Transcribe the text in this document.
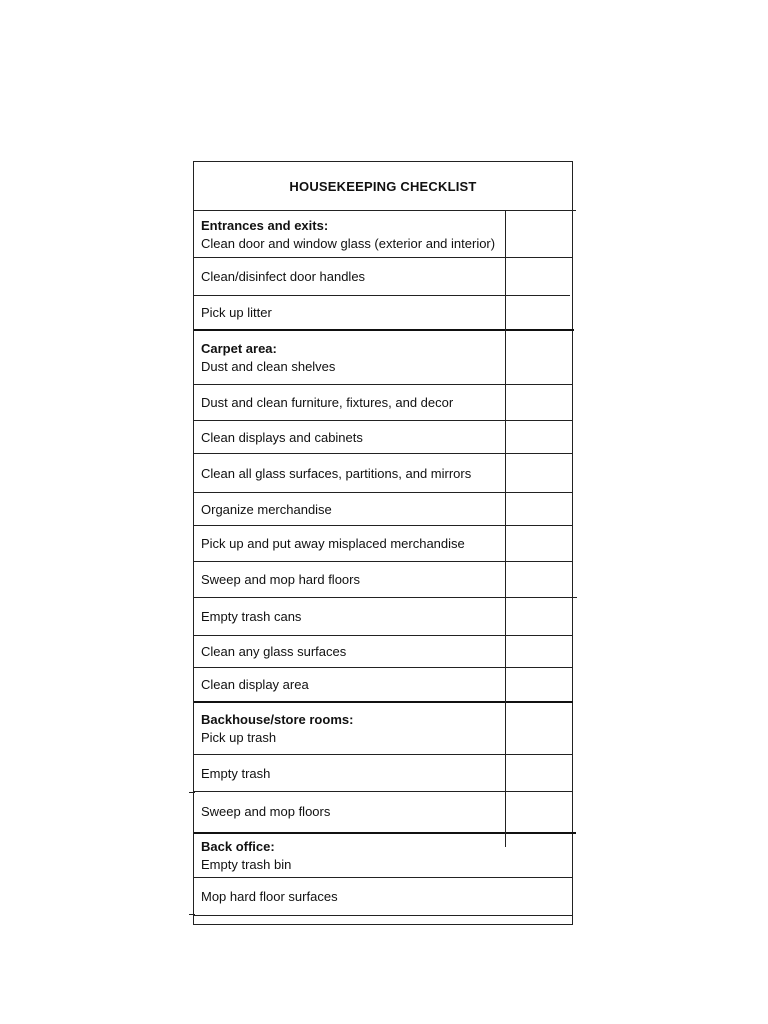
HOUSEKEEPING CHECKLIST
Entrances and exits:
Clean door and window glass (exterior and interior)
Clean/disinfect door handles
Pick up litter
Carpet area:
Dust and clean shelves
Dust and clean furniture, fixtures, and decor
Clean displays and cabinets
Clean all glass surfaces, partitions, and mirrors
Organize merchandise
Pick up and put away misplaced merchandise
Sweep and mop hard floors
Empty trash cans
Clean any glass surfaces
Clean display area
Backhouse/store rooms:
Pick up trash
Empty trash
Sweep and mop floors
Back office:
Empty trash bin
Mop hard floor surfaces
